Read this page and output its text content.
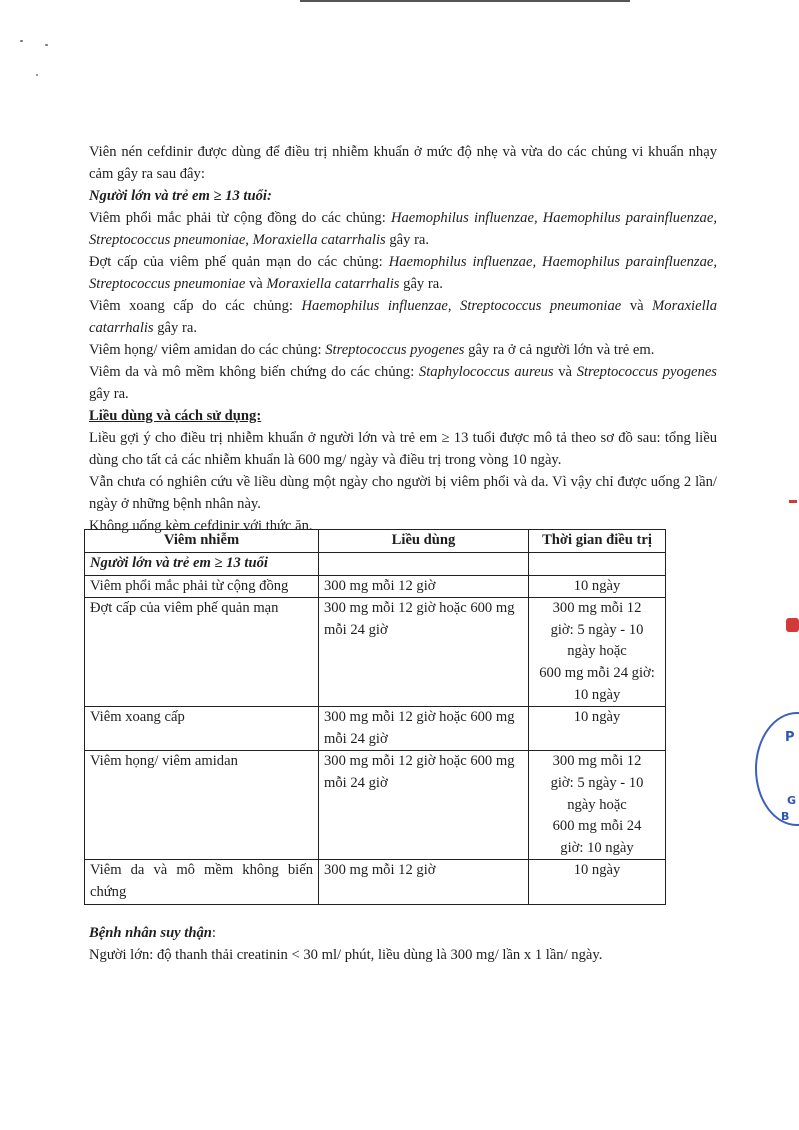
Viên nén cefdinir được dùng để điều trị nhiễm khuẩn ở mức độ nhẹ và vừa do các chủng vi khuẩn nhạy cảm gây ra sau đây:

Người lớn và trẻ em ≥ 13 tuổi:

Viêm phổi mắc phải từ cộng đồng do các chủng: Haemophilus influenzae, Haemophilus parainfluenzae, Streptococcus pneumoniae, Moraxiella catarrhalis gây ra.

Đợt cấp của viêm phế quản mạn do các chủng: Haemophilus influenzae, Haemophilus parainfluenzae, Streptococcus pneumoniae và Moraxiella catarrhalis gây ra.

Viêm xoang cấp do các chủng: Haemophilus influenzae, Streptococcus pneumoniae và Moraxiella catarrhalis gây ra.

Viêm họng/ viêm amidan do các chủng: Streptococcus pyogenes gây ra ở cả người lớn và trẻ em.

Viêm da và mô mềm không biến chứng do các chủng: Staphylococcus aureus và Streptococcus pyogenes gây ra.

Liều dùng và cách sử dụng:

Liều gợi ý cho điều trị nhiễm khuẩn ở người lớn và trẻ em ≥ 13 tuổi được mô tả theo sơ đồ sau: tổng liều dùng cho tất cả các nhiễm khuẩn là 600 mg/ ngày và điều trị trong vòng 10 ngày.

Vẫn chưa có nghiên cứu về liều dùng một ngày cho người bị viêm phổi và da. Vì vậy chỉ được uống 2 lần/ ngày ở những bệnh nhân này.

Không uống kèm cefdinir với thức ăn.

Viêm nhiễm	Liều dùng	Thời gian điều trị
Người lớn và trẻ em ≥ 13 tuổi		
Viêm phổi mắc phải từ cộng đồng	300 mg mỗi 12 giờ	10 ngày

Đợt cấp của viêm phế quản mạn	300 mg mỗi 12 giờ hoặc 600 mg mỗi 24 giờ	300 mg mỗi 12
giờ: 5 ngày - 10
ngày hoặc
600 mg mỗi 24 giờ:
10 ngày

Viêm xoang cấp	300 mg mỗi 12 giờ hoặc 600 mg mỗi 24 giờ	10 ngày

Viêm họng/ viêm amidan	300 mg mỗi 12 giờ hoặc 600 mg mỗi 24 giờ	300 mg mỗi 12
giờ: 5 ngày - 10
ngày hoặc
600 mg mỗi 24
giờ: 10 ngày

Viêm da và mô mềm không biến chứng	300 mg mỗi 12 giờ	10 ngày

Bệnh nhân suy thận:

Người lớn: độ thanh thải creatinin < 30 ml/ phút, liều dùng là 300 mg/ lần x 1 lần/ ngày.

P
G
B
